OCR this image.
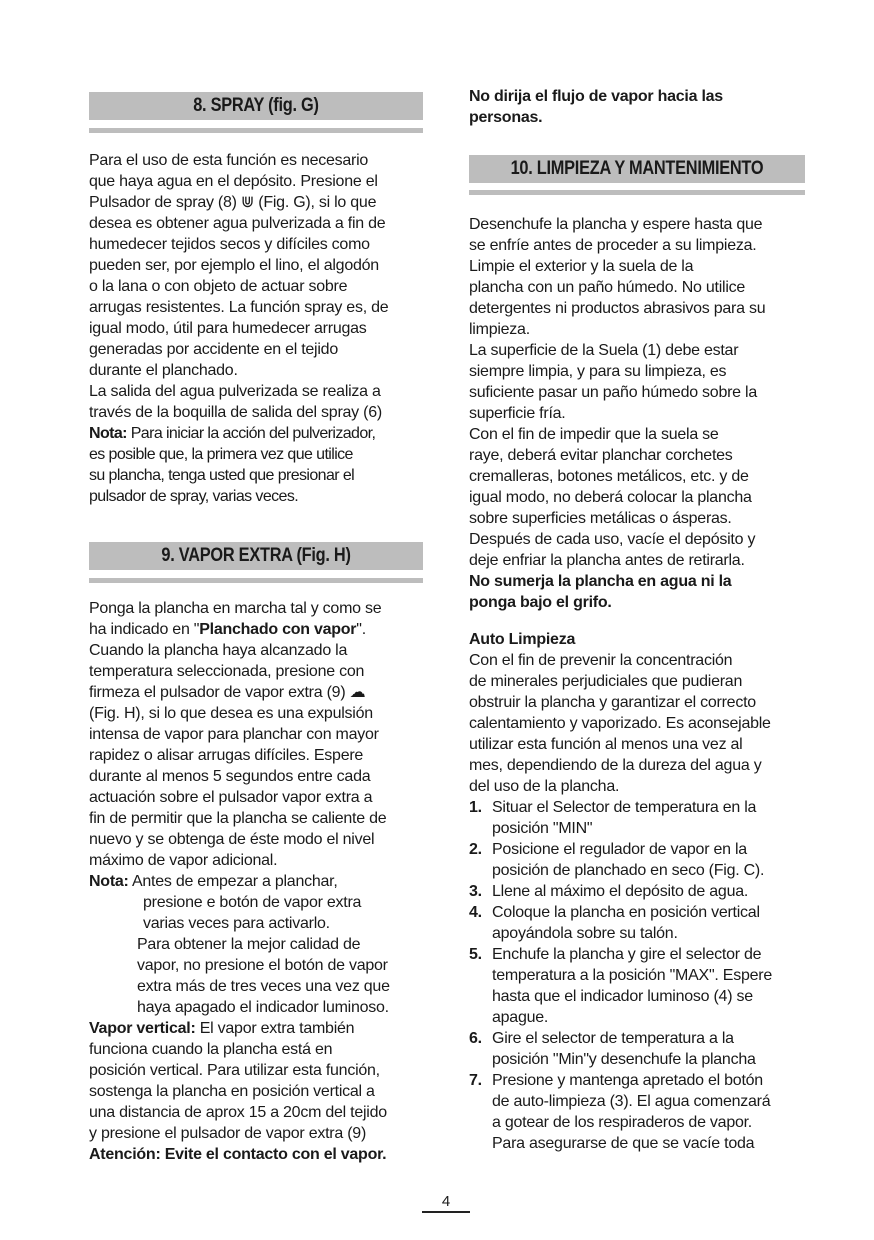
8. SPRAY (fig. G)
Para el uso de esta función es necesario
que haya agua en el depósito. Presione el
Pulsador de spray (8) ⋓ (Fig. G), si lo que
desea es obtener agua pulverizada a fin de
humedecer tejidos secos y difíciles como
pueden ser, por ejemplo el lino, el algodón
o la lana o con objeto de actuar sobre
arrugas resistentes. La función spray es, de
igual modo, útil para humedecer arrugas
generadas por accidente en el tejido
durante el planchado.
La salida del agua pulverizada se realiza a
través de la boquilla de salida del spray (6)
Nota: Para iniciar la acción del pulverizador,
es posible que, la primera vez que utilice
su plancha, tenga usted que presionar el
pulsador de spray, varias veces.
9. VAPOR EXTRA (Fig. H)
Ponga la plancha en marcha tal y como se
ha indicado en "Planchado con vapor".
Cuando la plancha haya alcanzado la
temperatura seleccionada, presione con
firmeza el pulsador de vapor extra (9) ☁
(Fig. H), si lo que desea es una expulsión
intensa de vapor para planchar con mayor
rapidez o alisar arrugas difíciles. Espere
durante al menos 5 segundos entre cada
actuación sobre el pulsador vapor extra a
fin de permitir que la plancha se caliente de
nuevo y se obtenga de éste modo el nivel
máximo de vapor adicional.
Nota: Antes de empezar a planchar,
presione e botón de vapor extra
varias veces para activarlo.
Para obtener la mejor calidad de
vapor, no presione el botón de vapor
extra más de tres veces una vez que
haya apagado el indicador luminoso.
Vapor vertical: El vapor extra también
funciona cuando la plancha está en
posición vertical. Para utilizar esta función,
sostenga la plancha en posición vertical a
una distancia de aprox 15 a 20cm del tejido
y presione el pulsador de vapor extra (9)
Atención: Evite el contacto con el vapor.
No dirija el flujo de vapor hacia las
personas.
10. LIMPIEZA Y MANTENIMIENTO
Desenchufe la plancha y espere hasta que
se enfríe antes de proceder a su limpieza.
Limpie el exterior y la suela de la
plancha con un paño húmedo. No utilice
detergentes ni productos abrasivos para su
limpieza.
La superficie de la Suela (1) debe estar
siempre limpia, y para su limpieza, es
suficiente pasar un paño húmedo sobre la
superficie fría.
Con el fin de impedir que la suela se
raye, deberá evitar planchar corchetes
cremalleras, botones metálicos, etc. y de
igual modo, no deberá colocar la plancha
sobre superficies metálicas o ásperas.
Después de cada uso, vacíe el depósito y
deje enfriar la plancha antes de retirarla.
No sumerja la plancha en agua ni la
ponga bajo el grifo.
Auto Limpieza
Con el fin de prevenir la concentración
de minerales perjudiciales que pudieran
obstruir la plancha y garantizar el correcto
calentamiento y vaporizado. Es aconsejable
utilizar esta función al menos una vez al
mes, dependiendo de la dureza del agua y
del uso de la plancha.
1. Situar el Selector de temperatura en la
posición "MIN"
2. Posicione el regulador de vapor en la
posición de planchado en seco (Fig. C).
3. Llene al máximo el depósito de agua.
4. Coloque la plancha en posición vertical
apoyándola sobre su talón.
5. Enchufe la plancha y gire el selector de
temperatura a la posición "MAX". Espere
hasta que el indicador luminoso (4) se
apague.
6. Gire el selector de temperatura a la
posición "Min"y desenchufe la plancha
7. Presione y mantenga apretado el botón
de auto-limpieza (3). El agua comenzará
a gotear de los respiraderos de vapor.
Para asegurarse de que se vacíe toda
4
